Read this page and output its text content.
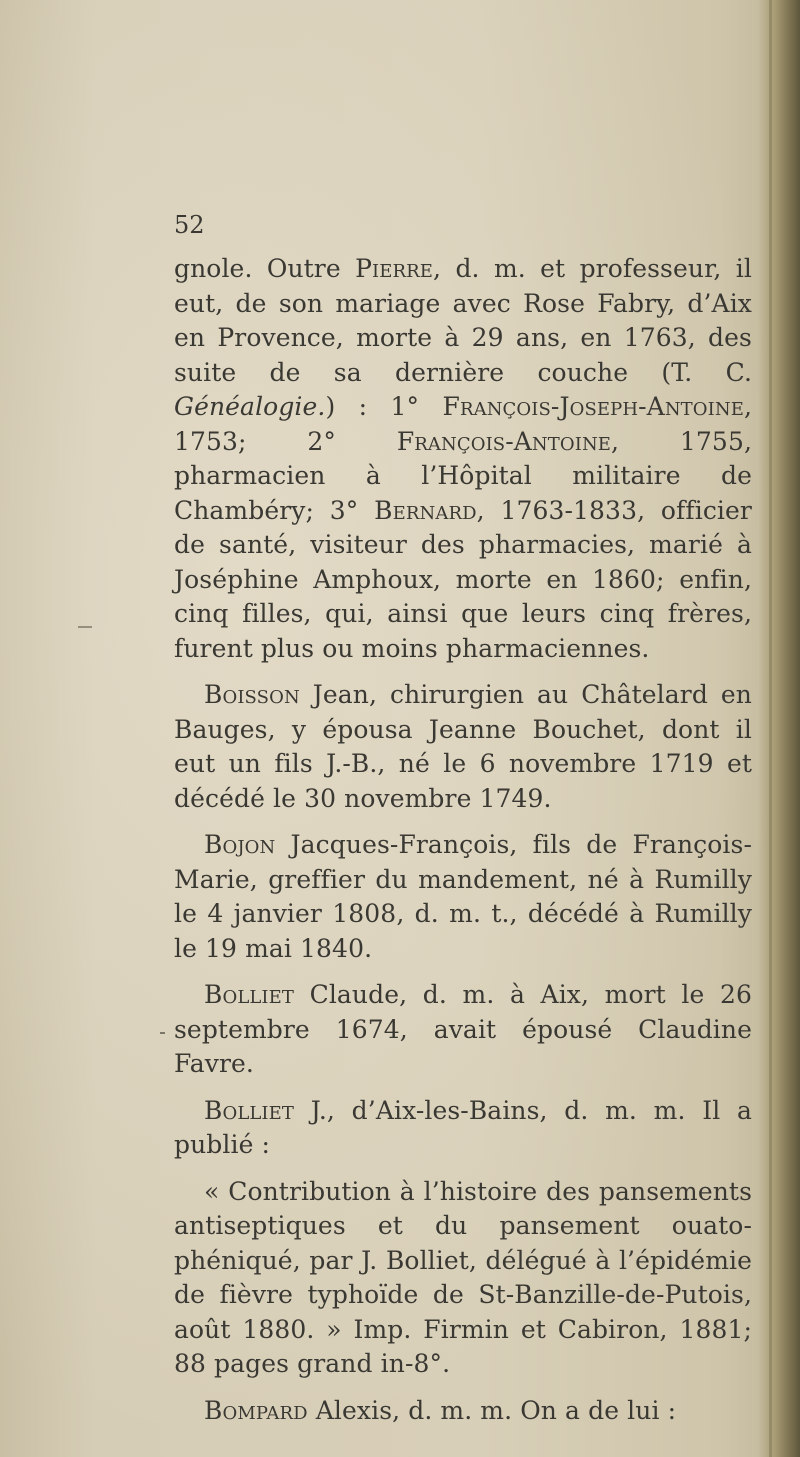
52

gnole. Outre Pierre, d. m. et professeur, il eut, de son mariage avec Rose Fabry, d’Aix en Provence, morte à 29 ans, en 1763, des suite de sa dernière couche (T. C. Généalogie.) : 1° François-Joseph-Antoine, 1753; 2° François-Antoine, 1755, pharmacien à l’Hôpital militaire de Chambéry; 3° Bernard, 1763-1833, officier de santé, visiteur des pharmacies, marié à Joséphine Amphoux, morte en 1860; enfin, cinq filles, qui, ainsi que leurs cinq frères, furent plus ou moins pharmaciennes.

Boisson Jean, chirurgien au Châtelard en Bauges, y épousa Jeanne Bouchet, dont il eut un fils J.-B., né le 6 novembre 1719 et décédé le 30 novembre 1749.

Bojon Jacques-François, fils de François-Marie, greffier du mandement, né à Rumilly le 4 janvier 1808, d. m. t., décédé à Rumilly le 19 mai 1840.

Bolliet Claude, d. m. à Aix, mort le 26 septembre 1674, avait épousé Claudine Favre.

Bolliet J., d’Aix-les-Bains, d. m. m. Il a publié :

« Contribution à l’histoire des pansements antiseptiques et du pansement ouato-phéniqué, par J. Bolliet, délégué à l’épidémie de fièvre typhoïde de St-Banzille-de-Putois, août 1880. » Imp. Firmin et Cabiron, 1881; 88 pages grand in-8°.

Bompard Alexis, d. m. m. On a de lui :
